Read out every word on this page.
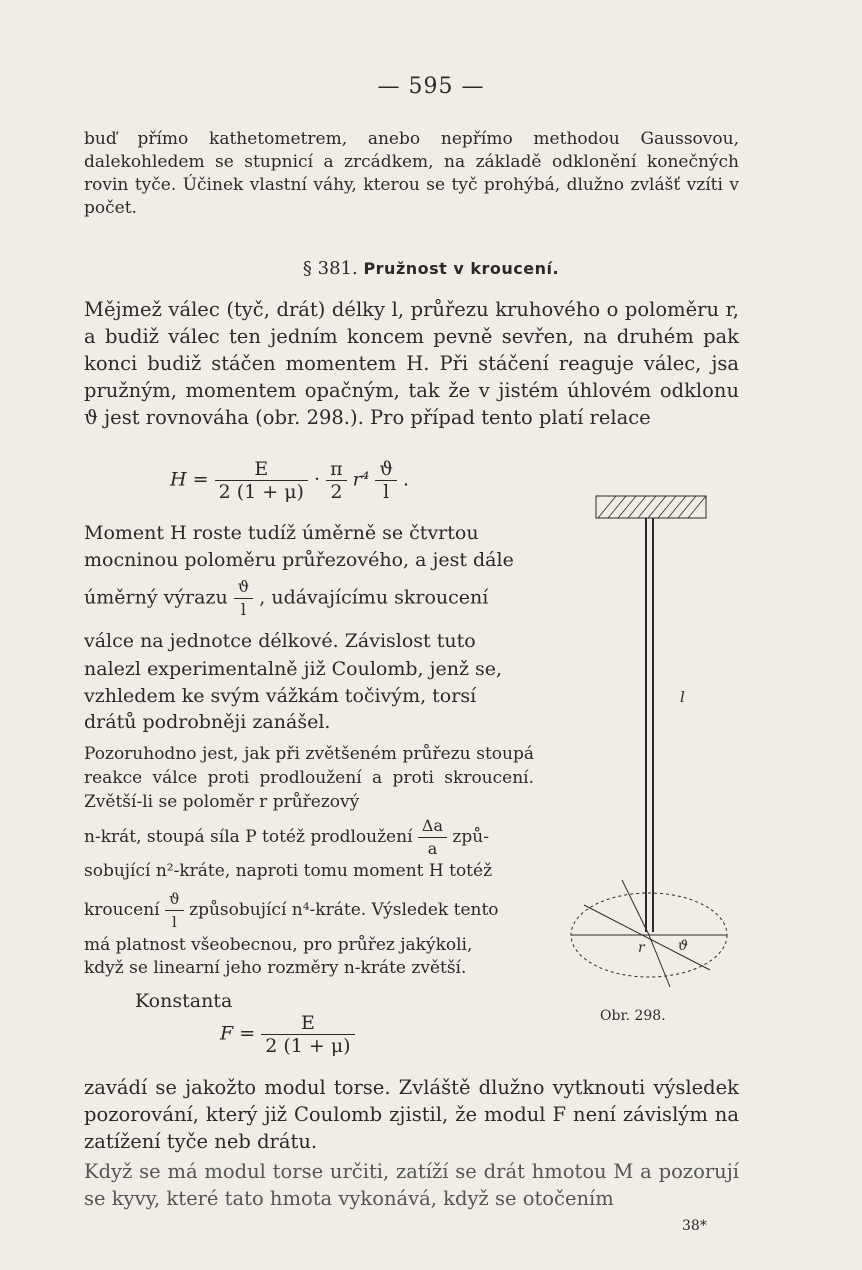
— 595 —

buď přímo kathetometrem, anebo nepřímo methodou Gaussovou, dalekohledem se stupnicí a zrcádkem, na základě odklonění konečných rovin tyče. Účinek vlastní váhy, kterou se tyč prohýbá, dlužno zvlášť vzíti v počet.

§ 381. Pružnost v kroucení.

Mějmež válec (tyč, drát) délky l, průřezu kruhového o poloměru r, a budiž válec ten jedním koncem pevně sevřen, na druhém pak konci budiž stáčen momentem H. Při stáčení reaguje válec, jsa pružným, momentem opačným, tak že v jistém úhlovém odklonu ϑ jest rovnováha (obr. 298.). Pro případ tento platí relace

$H = \frac{E}{2 (1 + \mu)} \cdot \frac{\pi}{2} r^4 \frac{ϑ}{l}$ .
Moment H roste tudíž úměrně se čtvrtou
mocninou poloměru průřezového, a jest dále
úměrný výrazu $\frac{ϑ}{l}$ , udávajícímu skroucení
válce na jednotce délkové. Závislost tuto
nalezl experimentalně již Coulomb, jenž se,
vzhledem ke svým vážkám točivým, torsí
drátů podrobněji zanášel.

Pozoruhodno jest, jak při zvětšeném průřezu stoupá reakce válce proti prodloužení a proti skroucení. Zvětší-li se poloměr r průřezový

n-krát, stoupá síla P totéž prodloužení $\frac{\Delta a}{a}$ způ-
sobující n²-kráte, naproti tomu moment H totéž
kroucení $\frac{ϑ}{l}$ způsobující n⁴-kráte. Výsledek tento
má platnost všeobecnou, pro průřez jakýkoli,
když se linearní jeho rozměry n-kráte zvětší.
Konstanta
$F = \frac{E}{2 (1 + \mu)}$

zavádí se jakožto modul torse. Zvláště dlužno vytknouti výsledek pozorování, který již Coulomb zjistil, že modul F není závislým na zatížení tyče neb drátu.

Když se má modul torse určiti, zatíží se drát hmotou M a pozorují se kyvy, které tato hmota vykonává, když se otočením

l
r ϑ
Obr. 298.
38*
